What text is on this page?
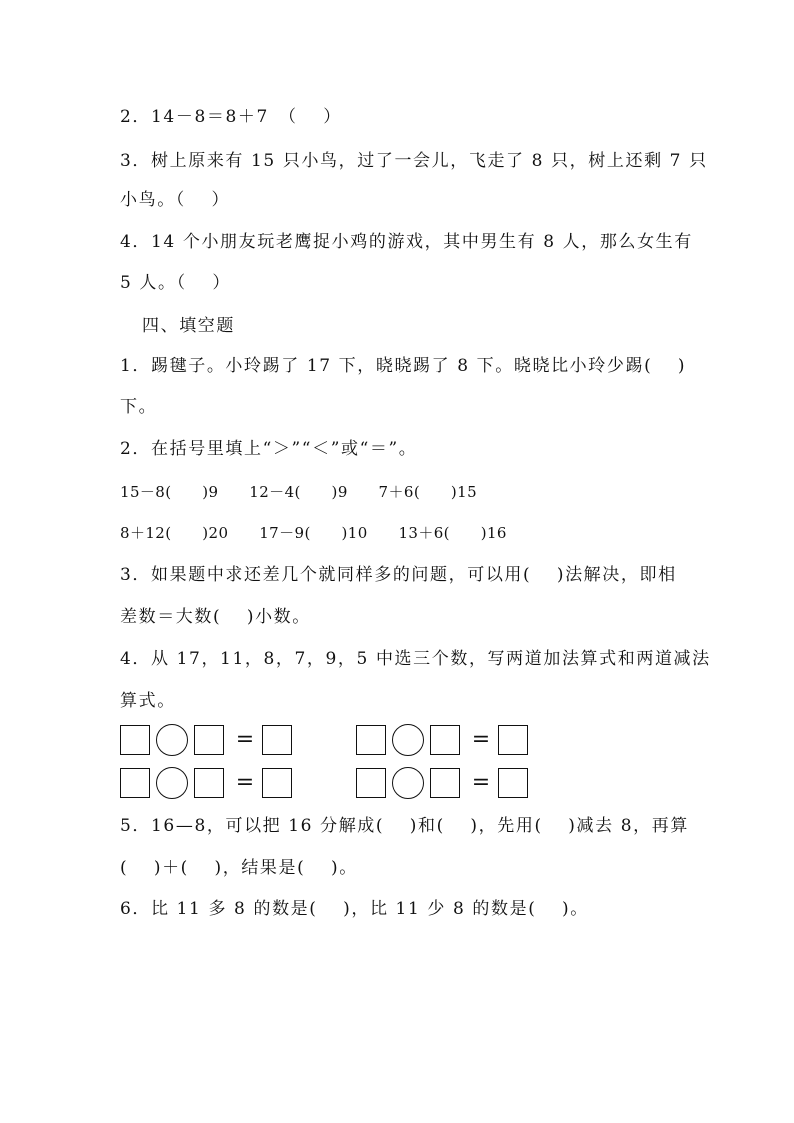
2．14－8＝8＋7　（　 ）
3．树上原来有 15 只小鸟，过了一会儿，飞走了 8 只，树上还剩 7 只
小鸟。（　 ）
4．14 个小朋友玩老鹰捉小鸡的游戏，其中男生有 8 人，那么女生有
5 人。（　 ）
四、填空题
1．踢毽子。小玲踢了 17 下，晓晓踢了 8 下。晓晓比小玲少踢(　 )
下。
2．在括号里填上“＞”“＜”或“＝”。
15－8(　　)9　　12－4(　　)9　　7＋6(　　)15
8＋12(　　)20　　17－9(　　)10　　13＋6(　　)16
3．如果题中求还差几个就同样多的问题，可以用(　 )法解决，即相
差数＝大数(　 )小数。
4．从 17，11，8，7，9，5 中选三个数，写两道加法算式和两道减法
算式。
=	=
=	=
5．16—8，可以把 16 分解成(　 )和(　 )，先用(　 )减去 8，再算
(　 )＋(　 )，结果是(　 )。
6．比 11 多 8 的数是(　 )，比 11 少 8 的数是(　 )。
